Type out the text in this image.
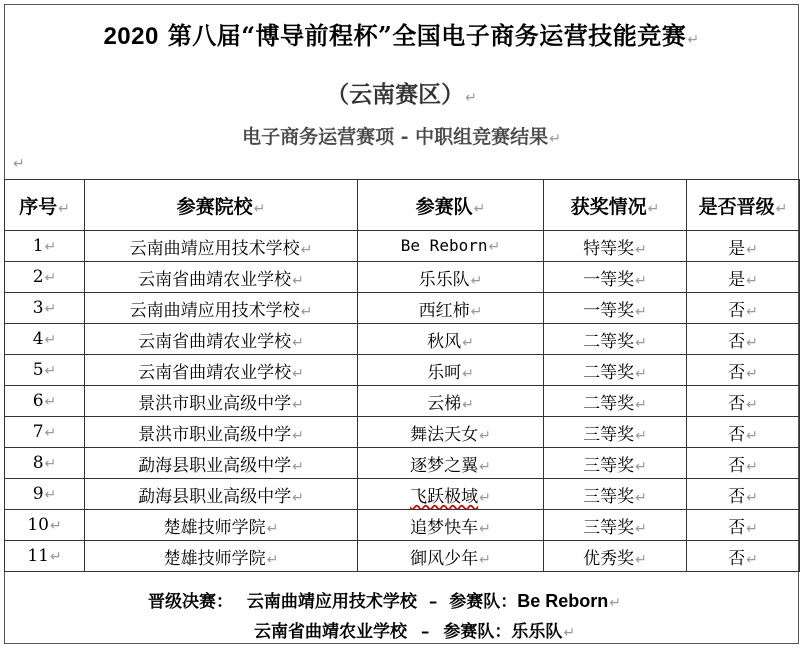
2020 第八届“博导前程杯”全国电子商务运营技能竞赛↵
（云南赛区）↵
电子商务运营赛项 - 中职组竞赛结果↵
↵
序号↵	参赛院校↵	参赛队↵	获奖情况↵	是否晋级↵
1↵	云南曲靖应用技术学校↵	Be Reborn↵	特等奖↵	是↵
2↵	云南省曲靖农业学校↵	乐乐队↵	一等奖↵	是↵
3↵	云南曲靖应用技术学校↵	西红柿↵	一等奖↵	否↵
4↵	云南省曲靖农业学校↵	秋风↵	二等奖↵	否↵
5↵	云南省曲靖农业学校↵	乐呵↵	二等奖↵	否↵
6↵	景洪市职业高级中学↵	云梯↵	二等奖↵	否↵
7↵	景洪市职业高级中学↵	舞法天女↵	三等奖↵	否↵
8↵	勐海县职业高级中学↵	逐梦之翼↵	三等奖↵	否↵
9↵	勐海县职业高级中学↵	飞跃极域↵	三等奖↵	否↵
10↵	楚雄技师学院↵	追梦快车↵	三等奖↵	否↵
11↵	楚雄技师学院↵	御风少年↵	优秀奖↵	否↵
晋级决赛： 云南曲靖应用技术学校 – 参赛队：Be Reborn↵
云南省曲靖农业学校 – 参赛队：乐乐队↵
